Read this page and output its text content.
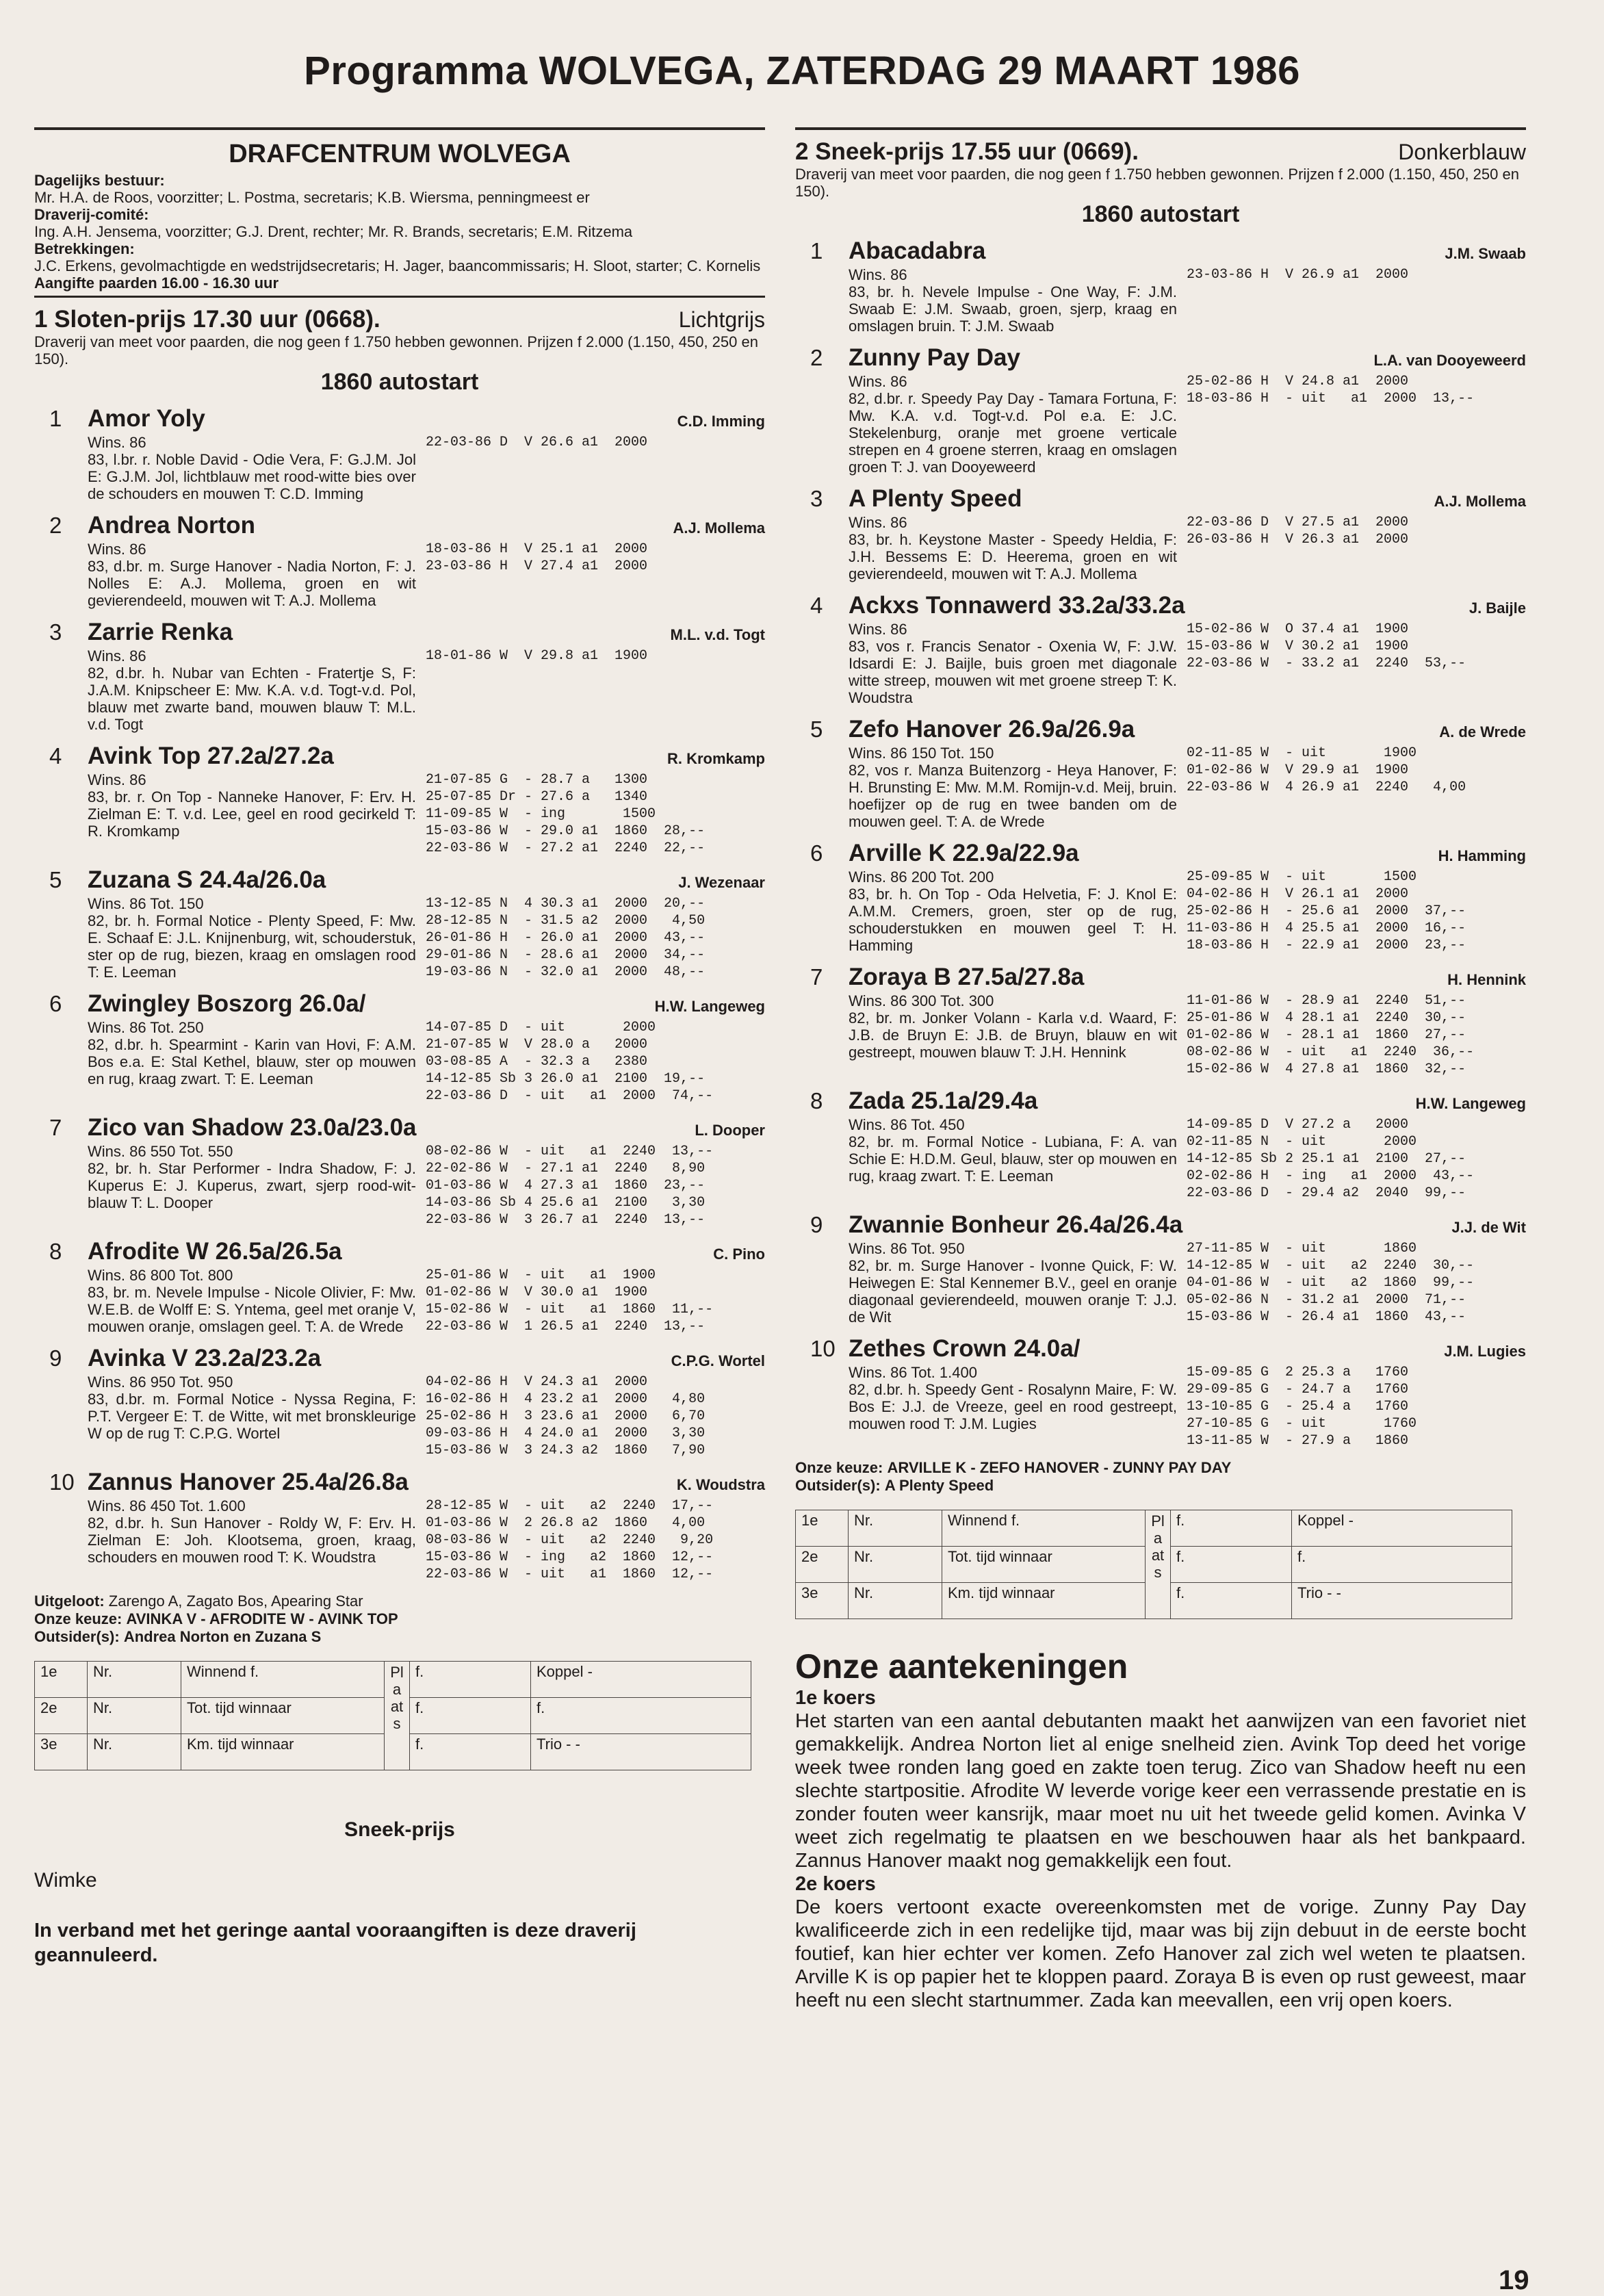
Programma WOLVEGA, ZATERDAG 29 MAART 1986
DRAFCENTRUM WOLVEGA
Dagelijks bestuur:
Mr. H.A. de Roos, voorzitter; L. Postma, secretaris; K.B. Wiersma, penningmeest er
Draverij-comité:
Ing. A.H. Jensema, voorzitter; G.J. Drent, rechter; Mr. R. Brands, secretaris; E.M. Ritzema
Betrekkingen:
J.C. Erkens, gevolmachtigde en wedstrijdsecretaris; H. Jager, baancommissaris; H. Sloot, starter; C. Kornelis
Aangifte paarden 16.00 - 16.30 uur
1 Sloten-prijs 17.30 uur (0668).	Lichtgrijs
Draverij van meet voor paarden, die nog geen f 1.750 hebben gewonnen. Prijzen f 2.000 (1.150, 450, 250 en 150).
1860 autostart
1	Amor Yoly	C.D. Imming
Wins. 86
83, l.br. r. Noble David - Odie Vera, F: G.J.M. Jol E: G.J.M. Jol, lichtblauw met rood-witte bies over de schouders en mouwen T: C.D. Imming
22-03-86 D  V 26.6 a1  2000
2	Andrea Norton	A.J. Mollema
Wins. 86
83, d.br. m. Surge Hanover - Nadia Norton, F: J. Nolles E: A.J. Mollema, groen en wit gevierendeeld, mouwen wit T: A.J. Mollema
18-03-86 H  V 25.1 a1  2000
23-03-86 H  V 27.4 a1  2000
3	Zarrie Renka	M.L. v.d. Togt
Wins. 86
82, d.br. h. Nubar van Echten - Fratertje S, F: J.A.M. Knipscheer E: Mw. K.A. v.d. Togt-v.d. Pol, blauw met zwarte band, mouwen blauw T: M.L. v.d. Togt
18-01-86 W  V 29.8 a1  1900
4	Avink Top 27.2a/27.2a	R. Kromkamp
Wins. 86
83, br. r. On Top - Nanneke Hanover, F: Erv. H. Zielman E: T. v.d. Lee, geel en rood gecirkeld T: R. Kromkamp
21-07-85 G  - 28.7 a   1300
25-07-85 Dr - 27.6 a   1340
11-09-85 W  - ing       1500
15-03-86 W  - 29.0 a1  1860  28,--
22-03-86 W  - 27.2 a1  2240  22,--
5	Zuzana S 24.4a/26.0a	J. Wezenaar
Wins. 86 Tot. 150
82, br. h. Formal Notice - Plenty Speed, F: Mw. E. Schaaf E: J.L. Knijnenburg, wit, schouderstuk, ster op de rug, biezen, kraag en omslagen rood T: E. Leeman
13-12-85 N  4 30.3 a1  2000  20,--
28-12-85 N  - 31.5 a2  2000   4,50
26-01-86 H  - 26.0 a1  2000  43,--
29-01-86 N  - 28.6 a1  2000  34,--
19-03-86 N  - 32.0 a1  2000  48,--
6	Zwingley Boszorg 26.0a/	H.W. Langeweg
Wins. 86 Tot. 250
82, d.br. h. Spearmint - Karin van Hovi, F: A.M. Bos e.a. E: Stal Kethel, blauw, ster op mouwen en rug, kraag zwart. T: E. Leeman
14-07-85 D  - uit       2000
21-07-85 W  V 28.0 a   2000
03-08-85 A  - 32.3 a   2380
14-12-85 Sb 3 26.0 a1  2100  19,--
22-03-86 D  - uit   a1  2000  74,--
7	Zico van Shadow 23.0a/23.0a	L. Dooper
Wins. 86 550 Tot. 550
82, br. h. Star Performer - Indra Shadow, F: J. Kuperus E: J. Kuperus, zwart, sjerp rood-wit-blauw T: L. Dooper
08-02-86 W  - uit   a1  2240  13,--
22-02-86 W  - 27.1 a1  2240   8,90
01-03-86 W  4 27.3 a1  1860  23,--
14-03-86 Sb 4 25.6 a1  2100   3,30
22-03-86 W  3 26.7 a1  2240  13,--
8	Afrodite W 26.5a/26.5a	C. Pino
Wins. 86 800 Tot. 800
83, br. m. Nevele Impulse - Nicole Olivier, F: Mw. W.E.B. de Wolff E: S. Yntema, geel met oranje V, mouwen oranje, omslagen geel. T: A. de Wrede
25-01-86 W  - uit   a1  1900
01-02-86 W  V 30.0 a1  1900
15-02-86 W  - uit   a1  1860  11,--
22-03-86 W  1 26.5 a1  2240  13,--
9	Avinka V 23.2a/23.2a	C.P.G. Wortel
Wins. 86 950 Tot. 950
83, d.br. m. Formal Notice - Nyssa Regina, F: P.T. Vergeer E: T. de Witte, wit met bronskleurige W op de rug T: C.P.G. Wortel
04-02-86 H  V 24.3 a1  2000
16-02-86 H  4 23.2 a1  2000   4,80
25-02-86 H  3 23.6 a1  2000   6,70
09-03-86 H  4 24.0 a1  2000   3,30
15-03-86 W  3 24.3 a2  1860   7,90
10 Zannus Hanover 25.4a/26.8a	K. Woudstra
Wins. 86 450 Tot. 1.600
82, d.br. h. Sun Hanover - Roldy W, F: Erv. H. Zielman E: Joh. Klootsema, groen, kraag, schouders en mouwen rood T: K. Woudstra
28-12-85 W  - uit   a2  2240  17,--
01-03-86 W  2 26.8 a2  1860   4,00
08-03-86 W  - uit   a2  2240   9,20
15-03-86 W  - ing   a2  1860  12,--
22-03-86 W  - uit   a1  1860  12,--
Uitgeloot: Zarengo A, Zagato Bos, Apearing Star
Onze keuze: AVINKA V - AFRODITE W - AVINK TOP
Outsider(s): Andrea Norton en Zuzana S
1e	Nr.	Winnend f.	Plaats	f.	Koppel -
2e	Nr.	Tot. tijd winnaar		f.	f.
3e	Nr.	Km. tijd winnaar		f.	Trio - -
Sneek-prijs
Wimke
In verband met het geringe aantal vooraangiften is deze draverij geannuleerd.
2 Sneek-prijs 17.55 uur (0669).	Donkerblauw
Draverij van meet voor paarden, die nog geen f 1.750 hebben gewonnen. Prijzen f 2.000 (1.150, 450, 250 en 150).
1860 autostart
1	Abacadabra	J.M. Swaab
Wins. 86
83, br. h. Nevele Impulse - One Way, F: J.M. Swaab E: J.M. Swaab, groen, sjerp, kraag en omslagen bruin. T: J.M. Swaab
23-03-86 H  V 26.9 a1  2000
2	Zunny Pay Day	L.A. van Dooyeweerd
Wins. 86
82, d.br. r. Speedy Pay Day - Tamara Fortuna, F: Mw. K.A. v.d. Togt-v.d. Pol e.a. E: J.C. Stekelenburg, oranje met groene verticale strepen en 4 groene sterren, kraag en omslagen groen T: J. van Dooyeweerd
25-02-86 H  V 24.8 a1  2000
18-03-86 H  - uit   a1  2000  13,--
3	A Plenty Speed	A.J. Mollema
Wins. 86
83, br. h. Keystone Master - Speedy Heldia, F: J.H. Bessems E: D. Heerema, groen en wit gevierendeeld, mouwen wit T: A.J. Mollema
22-03-86 D  V 27.5 a1  2000
26-03-86 H  V 26.3 a1  2000
4	Ackxs Tonnawerd 33.2a/33.2a	J. Baijle
Wins. 86
83, vos r. Francis Senator - Oxenia W, F: J.W. Idsardi E: J. Baijle, buis groen met diagonale witte streep, mouwen wit met groene streep T: K. Woudstra
15-02-86 W  O 37.4 a1  1900
15-03-86 W  V 30.2 a1  1900
22-03-86 W  - 33.2 a1  2240  53,--
5	Zefo Hanover 26.9a/26.9a	A. de Wrede
Wins. 86 150 Tot. 150
82, vos r. Manza Buitenzorg - Heya Hanover, F: H. Brunsting E: Mw. M.M. Romijn-v.d. Meij, bruin. hoefijzer op de rug en twee banden om de mouwen geel. T: A. de Wrede
02-11-85 W  - uit       1900
01-02-86 W  V 29.9 a1  1900
22-03-86 W  4 26.9 a1  2240   4,00
6	Arville K 22.9a/22.9a	H. Hamming
Wins. 86 200 Tot. 200
83, br. h. On Top - Oda Helvetia, F: J. Knol E: A.M.M. Cremers, groen, ster op de rug, schouderstukken en mouwen geel T: H. Hamming
25-09-85 W  - uit       1500
04-02-86 H  V 26.1 a1  2000
25-02-86 H  - 25.6 a1  2000  37,--
11-03-86 H  4 25.5 a1  2000  16,--
18-03-86 H  - 22.9 a1  2000  23,--
7	Zoraya B 27.5a/27.8a	H. Hennink
Wins. 86 300 Tot. 300
82, br. m. Jonker Volann - Karla v.d. Waard, F: J.B. de Bruyn E: J.B. de Bruyn, blauw en wit gestreept, mouwen blauw T: J.H. Hennink
11-01-86 W  - 28.9 a1  2240  51,--
25-01-86 W  4 28.1 a1  2240  30,--
01-02-86 W  - 28.1 a1  1860  27,--
08-02-86 W  - uit   a1  2240  36,--
15-02-86 W  4 27.8 a1  1860  32,--
8	Zada 25.1a/29.4a	H.W. Langeweg
Wins. 86 Tot. 450
82, br. m. Formal Notice - Lubiana, F: A. van Schie E: H.D.M. Geul, blauw, ster op mouwen en rug, kraag zwart. T: E. Leeman
14-09-85 D  V 27.2 a   2000
02-11-85 N  - uit       2000
14-12-85 Sb 2 25.1 a1  2100  27,--
02-02-86 H  - ing   a1  2000  43,--
22-03-86 D  - 29.4 a2  2040  99,--
9	Zwannie Bonheur 26.4a/26.4a	J.J. de Wit
Wins. 86 Tot. 950
82, br. m. Surge Hanover - Ivonne Quick, F: W. Heiwegen E: Stal Kennemer B.V., geel en oranje diagonaal gevierendeeld, mouwen oranje T: J.J. de Wit
27-11-85 W  - uit       1860
14-12-85 W  - uit   a2  2240  30,--
04-01-86 W  - uit   a2  1860  99,--
05-02-86 N  - 31.2 a1  2000  71,--
15-03-86 W  - 26.4 a1  1860  43,--
10 Zethes Crown 24.0a/	J.M. Lugies
Wins. 86 Tot. 1.400
82, d.br. h. Speedy Gent - Rosalynn Maire, F: W. Bos E: J.J. de Vreeze, geel en rood gestreept, mouwen rood T: J.M. Lugies
15-09-85 G  2 25.3 a   1760
29-09-85 G  - 24.7 a   1760
13-10-85 G  - 25.4 a   1760
27-10-85 G  - uit       1760
13-11-85 W  - 27.9 a   1860
Onze keuze: ARVILLE K - ZEFO HANOVER - ZUNNY PAY DAY
Outsider(s): A Plenty Speed
1e	Nr.	Winnend f.	Plaats	f.	Koppel -
2e	Nr.	Tot. tijd winnaar		f.	f.
3e	Nr.	Km. tijd winnaar		f.	Trio - -
Onze aantekeningen
1e koers
Het starten van een aantal debutanten maakt het aanwijzen van een favoriet niet gemakkelijk. Andrea Norton liet al enige snelheid zien. Avink Top deed het vorige week twee ronden lang goed en zakte toen terug. Zico van Shadow heeft nu een slechte startpositie. Afrodite W leverde vorige keer een verrassende prestatie en is zonder fouten weer kansrijk, maar moet nu uit het tweede gelid komen. Avinka V weet zich regelmatig te plaatsen en we beschouwen haar als het bankpaard. Zannus Hanover maakt nog gemakkelijk een fout.
2e koers
De koers vertoont exacte overeenkomsten met de vorige. Zunny Pay Day kwalificeerde zich in een redelijke tijd, maar was bij zijn debuut in de eerste bocht foutief, kan hier echter ver komen. Zefo Hanover zal zich wel weten te plaatsen. Arville K is op papier het te kloppen paard. Zoraya B is even op rust geweest, maar heeft nu een slecht startnummer. Zada kan meevallen, een vrij open koers.
19
